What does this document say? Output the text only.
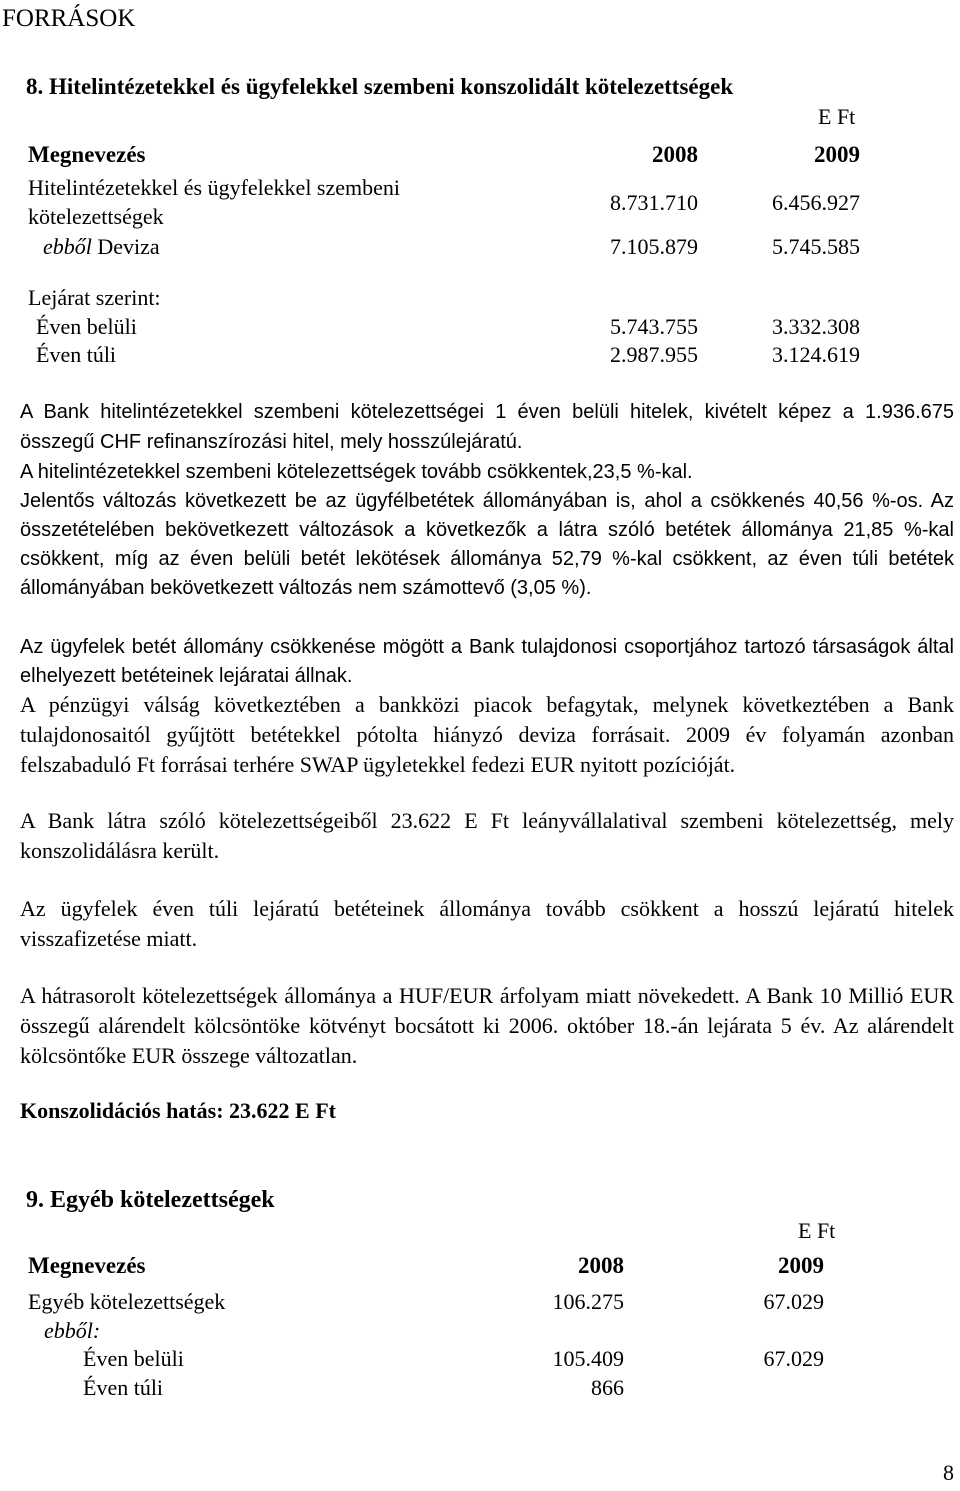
FORRÁSOK
8. Hitelintézetekkel és ügyfelekkel szembeni konszolidált kötelezettségek
E Ft
Megnevezés	2008	2009
Hitelintézetekkel és ügyfelekkel szembeni
kötelezettségek
8.731.710	6.456.927
ebből Deviza	7.105.879	5.745.585
Lejárat szerint:
Éven belüli	5.743.755	3.332.308
Éven túli	2.987.955	3.124.619
A Bank hitelintézetekkel szembeni kötelezettségei 1 éven belüli hitelek, kivételt képez a 1.936.675 összegű CHF refinanszírozási hitel, mely hosszúlejáratú.
A hitelintézetekkel szembeni kötelezettségek tovább csökkentek,23,5 %-kal.
Jelentős változás következett be az ügyfélbetétek állományában is, ahol a csökkenés 40,56 %-os. Az összetételében bekövetkezett változások a következők a látra szóló betétek állománya 21,85 %-kal csökkent, míg az éven belüli betét lekötések állománya 52,79 %-kal csökkent, az éven túli betétek állományában bekövetkezett változás nem számottevő (3,05 %).
Az ügyfelek betét állomány csökkenése mögött a Bank tulajdonosi csoportjához tartozó társaságok által elhelyezett betéteinek lejáratai állnak.
A pénzügyi válság következtében a bankközi piacok befagytak, melynek következtében a Bank tulajdonosaitól gyűjtött betétekkel pótolta hiányzó deviza forrásait. 2009 év folyamán azonban felszabaduló Ft forrásai terhére SWAP ügyletekkel fedezi EUR nyitott pozícióját.
A Bank látra szóló kötelezettségeiből 23.622 E Ft leányvállalatival szembeni kötelezettség, mely konszolidálásra került.
Az ügyfelek éven túli lejáratú betéteinek állománya tovább csökkent a hosszú lejáratú hitelek visszafizetése miatt.
A hátrasorolt kötelezettségek állománya a HUF/EUR árfolyam miatt növekedett. A Bank 10 Millió EUR összegű alárendelt kölcsöntöke kötvényt bocsátott ki 2006. október 18.-án lejárata 5 év. Az alárendelt kölcsöntőke EUR összege változatlan.
Konszolidációs hatás: 23.622 E Ft
9. Egyéb kötelezettségek
E Ft
Megnevezés	2008	2009
Egyéb kötelezettségek	106.275	67.029
ebből:
Éven belüli	105.409	67.029
Éven túli	866
8
